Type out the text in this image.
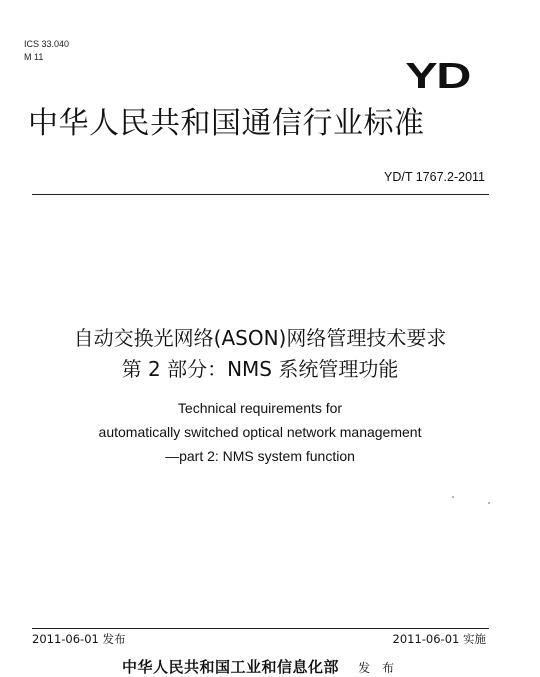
ICS 33.040
M 11	YD
中华人民共和国通信行业标准
YD/T 1767.2-2011
自动交换光网络(ASON)网络管理技术要求
第 2 部分：NMS 系统管理功能
Technical requirements for
automatically switched optical network management
—part 2: NMS system function
2011-06-01 发布	2011-06-01 实施
中华人民共和国工业和信息化部 发 布
